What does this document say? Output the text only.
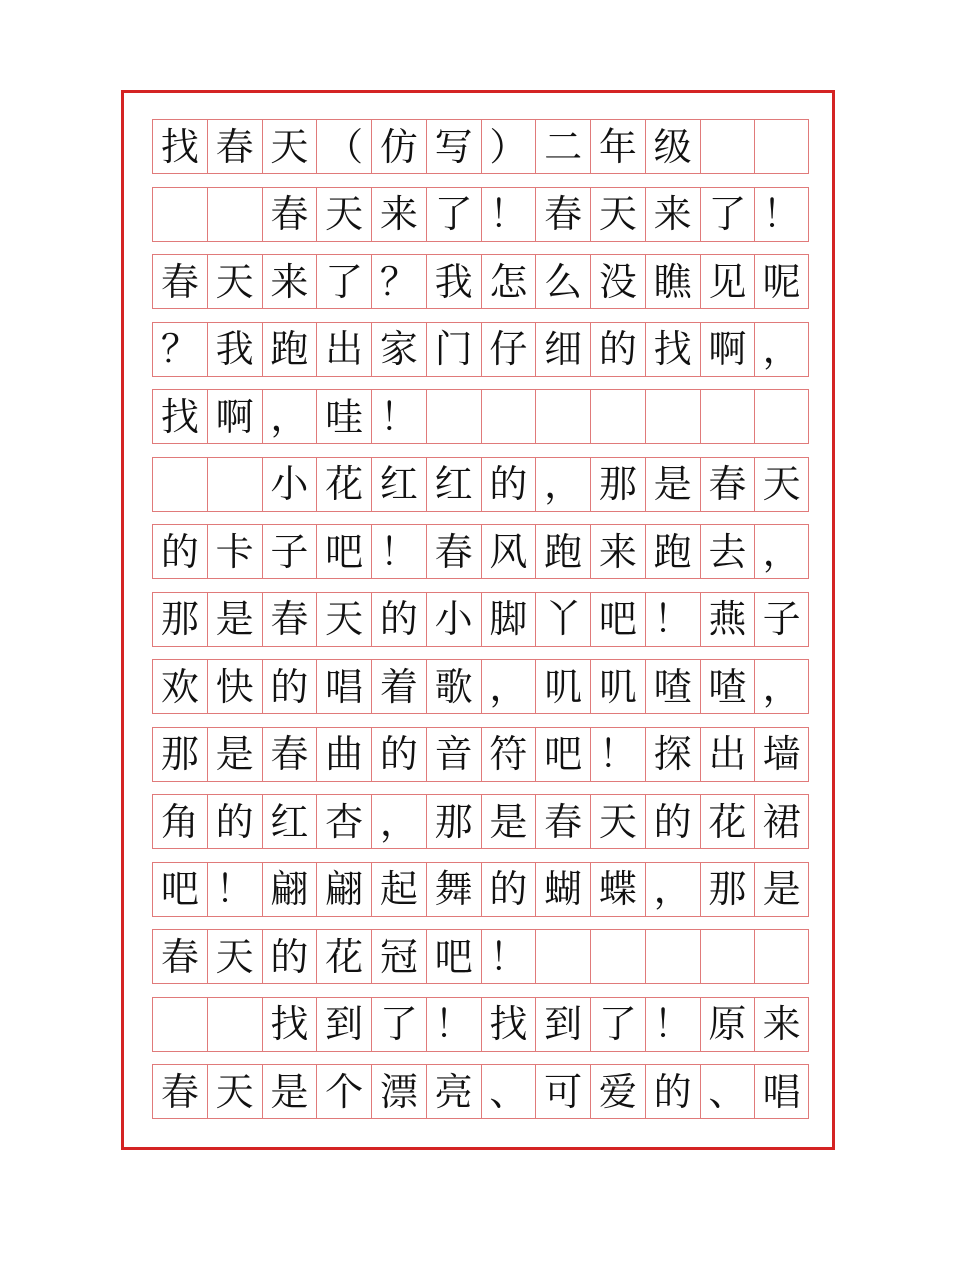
找 春 天 （ 仿 写 ） 二 年 级
春 天 来 了 ！ 春 天 来 了 ！
春 天 来 了 ？ 我 怎 么 没 瞧 见 呢
？ 我 跑 出 家 门 仔 细 的 找 啊 ，
找 啊 ， 哇 ！
小 花 红 红 的 ， 那 是 春 天
的 卡 子 吧 ！ 春 风 跑 来 跑 去 ，
那 是 春 天 的 小 脚 丫 吧 ！ 燕 子
欢 快 的 唱 着 歌 ， 叽 叽 喳 喳 ，
那 是 春 曲 的 音 符 吧 ！ 探 出 墙
角 的 红 杏 ， 那 是 春 天 的 花 裙
吧 ！ 翩 翩 起 舞 的 蝴 蝶 ， 那 是
春 天 的 花 冠 吧 ！
找 到 了 ！ 找 到 了 ！ 原 来
春 天 是 个 漂 亮 、 可 爱 的 、 唱
